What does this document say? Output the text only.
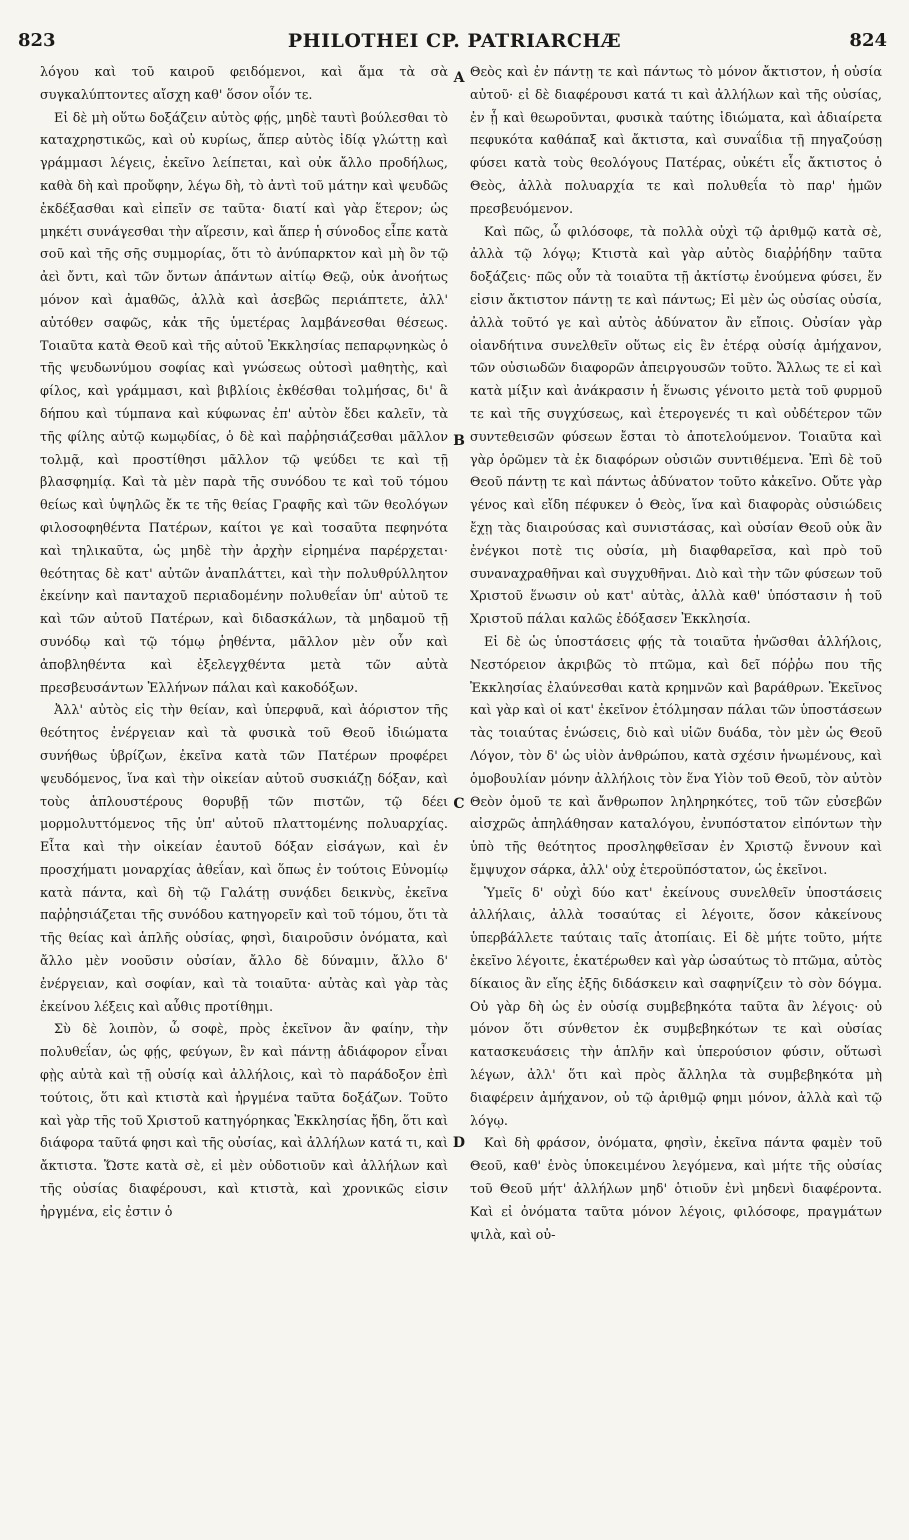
823	PHILOTHEI CP. PATRIARCHÆ	824
A
B
C
D

λόγου καὶ τοῦ καιροῦ φειδόμενοι, καὶ ἅμα τὰ σὰ συγκαλύπτοντες αἴσχη καθ' ὅσον οἷόν τε.

Εἰ δὲ μὴ οὕτω δοξάζειν αὐτὸς φῄς, μηδὲ ταυτὶ βούλεσθαι τὸ καταχρηστικῶς, καὶ οὐ κυρίως, ἅπερ αὐτὸς ἰδίᾳ γλώττῃ καὶ γράμμασι λέγεις, ἐκεῖνο λείπεται, καὶ οὐκ ἄλλο προδήλως, καθὰ δὴ καὶ προὔφην, λέγω δὴ, τὸ ἀντὶ τοῦ μάτην καὶ ψευδῶς ἐκδέξασθαι καὶ εἰπεῖν σε ταῦτα· διατί καὶ γὰρ ἕτερον; ὡς μηκέτι συνάγεσθαι τὴν αἵρεσιν, καὶ ἅπερ ἡ σύνοδος εἶπε κατὰ σοῦ καὶ τῆς σῆς συμμορίας, ὅτι τὸ ἀνύπαρκτον καὶ μὴ ὂν τῷ ἀεὶ ὄντι, καὶ τῶν ὄντων ἁπάντων αἰτίῳ Θεῷ, οὐκ ἀνοήτως μόνον καὶ ἀμαθῶς, ἀλλὰ καὶ ἀσεβῶς περιάπτετε, ἀλλ' αὐτόθεν σαφῶς, κἀκ τῆς ὑμετέρας λαμβάνεσθαι θέσεως. Τοιαῦτα κατὰ Θεοῦ καὶ τῆς αὐτοῦ Ἐκκλησίας πεπαρῳνηκὼς ὁ τῆς ψευδωνύμου σοφίας καὶ γνώσεως οὑτοσὶ μαθητὴς, καὶ φίλος, καὶ γράμμασι, καὶ βιβλίοις ἐκθέσθαι τολμήσας, δι' ἃ δήπου καὶ τύμπανα καὶ κύφωνας ἐπ' αὐτὸν ἔδει καλεῖν, τὰ τῆς φίλης αὐτῷ κωμῳδίας, ὁ δὲ καὶ παῤῥησιάζεσθαι μᾶλλον τολμᾷ, καὶ προστίθησι μᾶλλον τῷ ψεύδει τε καὶ τῇ βλασφημίᾳ. Καὶ τὰ μὲν παρὰ τῆς συνόδου τε καὶ τοῦ τόμου θείως καὶ ὑψηλῶς ἔκ τε τῆς θείας Γραφῆς καὶ τῶν θεολόγων φιλοσοφηθέντα Πατέρων, καίτοι γε καὶ τοσαῦτα πεφηνότα καὶ τηλικαῦτα, ὡς μηδὲ τὴν ἀρχὴν εἰρημένα παρέρχεται· θεότητας δὲ κατ' αὐτῶν ἀναπλάττει, καὶ τὴν πολυθρύλλητον ἐκείνην καὶ πανταχοῦ περιαδομένην πολυθεΐαν ὑπ' αὐτοῦ τε καὶ τῶν αὐτοῦ Πατέρων, καὶ διδασκάλων, τὰ μηδαμοῦ τῇ συνόδῳ καὶ τῷ τόμῳ ῥηθέντα, μᾶλλον μὲν οὖν καὶ ἀποβληθέντα καὶ ἐξελεγχθέντα μετὰ τῶν αὐτὰ πρεσβευσάντων Ἑλλήνων πάλαι καὶ κακοδόξων.

Ἀλλ' αὐτὸς εἰς τὴν θείαν, καὶ ὑπερφυᾶ, καὶ ἀόριστον τῆς θεότητος ἐνέργειαν καὶ τὰ φυσικὰ τοῦ Θεοῦ ἰδιώματα συνήθως ὑβρίζων, ἐκεῖνα κατὰ τῶν Πατέρων προφέρει ψευδόμενος, ἵνα καὶ τὴν οἰκείαν αὐτοῦ συσκιάζῃ δόξαν, καὶ τοὺς ἁπλουστέρους θορυβῇ τῶν πιστῶν, τῷ δέει μορμολυττόμενος τῆς ὑπ' αὐτοῦ πλαττομένης πολυαρχίας. Εἶτα καὶ τὴν οἰκείαν ἑαυτοῦ δόξαν εἰσάγων, καὶ ἐν προσχήματι μοναρχίας ἀθεΐαν, καὶ ὅπως ἐν τούτοις Εὐνομίῳ κατὰ πάντα, καὶ δὴ τῷ Γαλάτῃ συνᾴδει δεικνὺς, ἐκεῖνα παῤῥησιάζεται τῆς συνόδου κατηγορεῖν καὶ τοῦ τόμου, ὅτι τὰ τῆς θείας καὶ ἁπλῆς οὐσίας, φησὶ, διαιροῦσιν ὀνόματα, καὶ ἄλλο μὲν νοοῦσιν οὐσίαν, ἄλλο δὲ δύναμιν, ἄλλο δ' ἐνέργειαν, καὶ σοφίαν, καὶ τὰ τοιαῦτα· αὐτὰς καὶ γὰρ τὰς ἐκείνου λέξεις καὶ αὖθις προτίθημι.

Σὺ δὲ λοιπὸν, ὦ σοφὲ, πρὸς ἐκεῖνον ἂν φαίην, τὴν πολυθεΐαν, ὡς φῄς, φεύγων, ἓν καὶ πάντῃ ἀδιάφορον εἶναι φῂς αὐτὰ καὶ τῇ οὐσίᾳ καὶ ἀλλήλοις, καὶ τὸ παράδοξον ἐπὶ τούτοις, ὅτι καὶ κτιστὰ καὶ ἠργμένα ταῦτα δοξάζων. Τοῦτο καὶ γὰρ τῆς τοῦ Χριστοῦ κατηγόρηκας Ἐκκλησίας ἤδη, ὅτι καὶ διάφορα ταῦτά φησι καὶ τῆς οὐσίας, καὶ ἀλλήλων κατά τι, καὶ ἄκτιστα. Ὥστε κατὰ σὲ, εἰ μὲν οὐδοτιοῦν καὶ ἀλλήλων καὶ τῆς οὐσίας διαφέρουσι, καὶ κτιστὰ, καὶ χρονικῶς εἰσιν ἠργμένα, εἰς ἐστιν ὁ

Θεὸς καὶ ἐν πάντῃ τε καὶ πάντως τὸ μόνον ἄκτιστον, ἡ οὐσία αὐτοῦ· εἰ δὲ διαφέρουσι κατά τι καὶ ἀλλήλων καὶ τῆς οὐσίας, ἐν ᾗ καὶ θεωροῦνται, φυσικὰ ταύτης ἰδιώματα, καὶ ἀδιαίρετα πεφυκότα καθάπαξ καὶ ἄκτιστα, καὶ συναΐδια τῇ πηγαζούσῃ φύσει κατὰ τοὺς θεολόγους Πατέρας, οὐκέτι εἷς ἄκτιστος ὁ Θεὸς, ἀλλὰ πολυαρχία τε καὶ πολυθεΐα τὸ παρ' ἡμῶν πρεσβευόμενον.

Καὶ πῶς, ὦ φιλόσοφε, τὰ πολλὰ οὐχὶ τῷ ἀριθμῷ κατὰ σὲ, ἀλλὰ τῷ λόγῳ; Κτιστὰ καὶ γὰρ αὐτὸς διαῤῥήδην ταῦτα δοξάζεις· πῶς οὖν τὰ τοιαῦτα τῇ ἀκτίστῳ ἑνούμενα φύσει, ἕν εἰσιν ἄκτιστον πάντῃ τε καὶ πάντως; Εἰ μὲν ὡς οὐσίας οὐσία, ἀλλὰ τοῦτό γε καὶ αὐτὸς ἀδύνατον ἂν εἴποις. Οὐσίαν γὰρ οἱανδήτινα συνελθεῖν οὕτως εἰς ἓν ἑτέρᾳ οὐσίᾳ ἀμήχανον, τῶν οὐσιωδῶν διαφορῶν ἀπειργουσῶν τοῦτο. Ἄλλως τε εἰ καὶ κατὰ μίξιν καὶ ἀνάκρασιν ἡ ἕνωσις γένοιτο μετὰ τοῦ φυρμοῦ τε καὶ τῆς συγχύσεως, καὶ ἑτερογενές τι καὶ οὐδέτερον τῶν συντεθεισῶν φύσεων ἔσται τὸ ἀποτελούμενον. Τοιαῦτα καὶ γὰρ ὁρῶμεν τὰ ἐκ διαφόρων οὐσιῶν συντιθέμενα. Ἐπὶ δὲ τοῦ Θεοῦ πάντῃ τε καὶ πάντως ἀδύνατον τοῦτο κἀκεῖνο. Οὔτε γὰρ γένος καὶ εἴδη πέφυκεν ὁ Θεὸς, ἵνα καὶ διαφορὰς οὐσιώδεις ἔχῃ τὰς διαιρούσας καὶ συνιστάσας, καὶ οὐσίαν Θεοῦ οὐκ ἂν ἐνέγκοι ποτὲ τις οὐσία, μὴ διαφθαρεῖσα, καὶ πρὸ τοῦ συναναχραθῆναι καὶ συγχυθῆναι. Διὸ καὶ τὴν τῶν φύσεων τοῦ Χριστοῦ ἕνωσιν οὐ κατ' αὐτὰς, ἀλλὰ καθ' ὑπόστασιν ἡ τοῦ Χριστοῦ πάλαι καλῶς ἐδόξασεν Ἐκκλησία.

Εἰ δὲ ὡς ὑποστάσεις φῄς τὰ τοιαῦτα ἡνῶσθαι ἀλλήλοις, Νεστόρειον ἀκριβῶς τὸ πτῶμα, καὶ δεῖ πόῤῥω που τῆς Ἐκκλησίας ἐλαύνεσθαι κατὰ κρημνῶν καὶ βαράθρων. Ἐκεῖνος καὶ γὰρ καὶ οἱ κατ' ἐκεῖνον ἐτόλμησαν πάλαι τῶν ὑποστάσεων τὰς τοιαύτας ἑνώσεις, διὸ καὶ υἱῶν δυάδα, τὸν μὲν ὡς Θεοῦ Λόγον, τὸν δ' ὡς υἱὸν ἀνθρώπου, κατὰ σχέσιν ἡνωμένους, καὶ ὁμοβουλίαν μόνην ἀλλήλοις τὸν ἕνα Υἱὸν τοῦ Θεοῦ, τὸν αὐτὸν Θεὸν ὁμοῦ τε καὶ ἄνθρωπον ληληρηκότες, τοῦ τῶν εὐσεβῶν αἰσχρῶς ἀπηλάθησαν καταλόγου, ἐνυπόστατον εἰπόντων τὴν ὑπὸ τῆς θεότητος προσληφθεῖσαν ἐν Χριστῷ ἔννουν καὶ ἔμψυχον σάρκα, ἀλλ' οὐχ ἑτεροϋπόστατον, ὡς ἐκεῖνοι.

Ὑμεῖς δ' οὐχὶ δύο κατ' ἐκείνους συνελθεῖν ὑποστάσεις ἀλλήλαις, ἀλλὰ τοσαύτας εἰ λέγοιτε, ὅσον κἀκείνους ὑπερβάλλετε ταύταις ταῖς ἀτοπίαις. Εἰ δὲ μήτε τοῦτο, μήτε ἐκεῖνο λέγοιτε, ἑκατέρωθεν καὶ γὰρ ὡσαύτως τὸ πτῶμα, αὐτὸς δίκαιος ἂν εἴης ἐξῆς διδάσκειν καὶ σαφηνίζειν τὸ σὸν δόγμα. Οὐ γὰρ δὴ ὡς ἐν οὐσίᾳ συμβεβηκότα ταῦτα ἂν λέγοις· οὐ μόνον ὅτι σύνθετον ἐκ συμβεβηκότων τε καὶ οὐσίας κατασκευάσεις τὴν ἁπλῆν καὶ ὑπερούσιον φύσιν, οὕτωσὶ λέγων, ἀλλ' ὅτι καὶ πρὸς ἄλληλα τὰ συμβεβηκότα μὴ διαφέρειν ἀμήχανον, οὐ τῷ ἀριθμῷ φημι μόνον, ἀλλὰ καὶ τῷ λόγῳ.

Καὶ δὴ φράσον, ὀνόματα, φησὶν, ἐκεῖνα πάντα φαμὲν τοῦ Θεοῦ, καθ' ἑνὸς ὑποκειμένου λεγόμενα, καὶ μήτε τῆς οὐσίας τοῦ Θεοῦ μήτ' ἀλλήλων μηδ' ὁτιοῦν ἐνὶ μηδενὶ διαφέροντα. Καὶ εἰ ὀνόματα ταῦτα μόνον λέγοις, φιλόσοφε, πραγμάτων ψιλὰ, καὶ οὐ-
